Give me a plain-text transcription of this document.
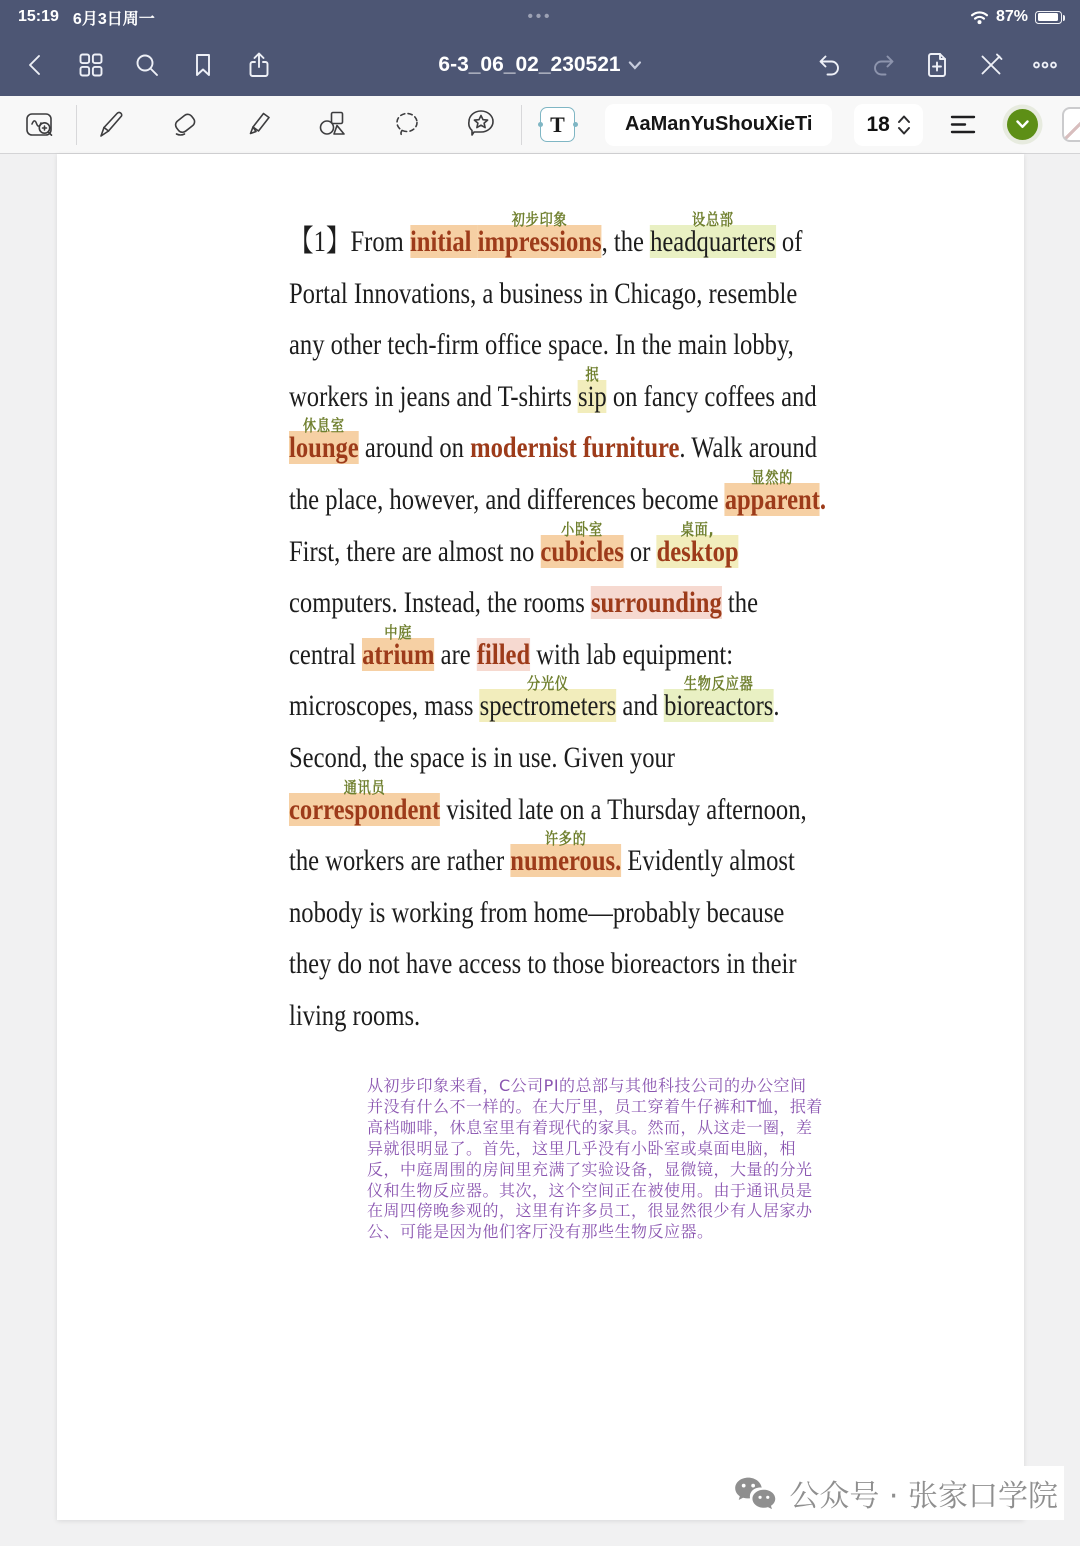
15:19 6月3日周一	•••	87%
6-3_06_02_230521
T	AaManYuShouXieTi	18
【1】From initial impressions
初步印象
, the headquarters
设总部
of
Portal Innovations, a business in Chicago, resemble
any other tech-firm office space. In the main lobby,
workers in jeans and T-shirts sip
抿
on fancy coffees and
lounge
休息室
around on modernist furniture. Walk around
the place, however, and differences become apparent
显然的
.
First, there are almost no cubicles
小卧室
or desktop
桌面,
computers. Instead, the rooms surrounding the
central atrium
中庭
are filled with lab equipment:
microscopes, mass spectrometers
分光仪
and bioreactors
生物反应器
.
Second, the space is in use. Given your
correspondent
通讯员
visited late on a Thursday afternoon,
the workers are rather numerous.
许多的
Evidently almost
nobody is working from home—probably because
they do not have access to those bioreactors in their
living rooms.
从初步印象来看，C公司PI的总部与其他科技公司的办公空间
并没有什么不一样的。在大厅里，员工穿着牛仔裤和T恤，抿着
高档咖啡，休息室里有着现代的家具。然而，从这走一圈，差
异就很明显了。首先，这里几乎没有小卧室或桌面电脑，相
反，中庭周围的房间里充满了实验设备，显微镜，大量的分光
仪和生物反应器。其次，这个空间正在被使用。由于通讯员是
在周四傍晚参观的，这里有许多员工，很显然很少有人居家办
公、可能是因为他们客厅没有那些生物反应器。
公众号 · 张家口学院
